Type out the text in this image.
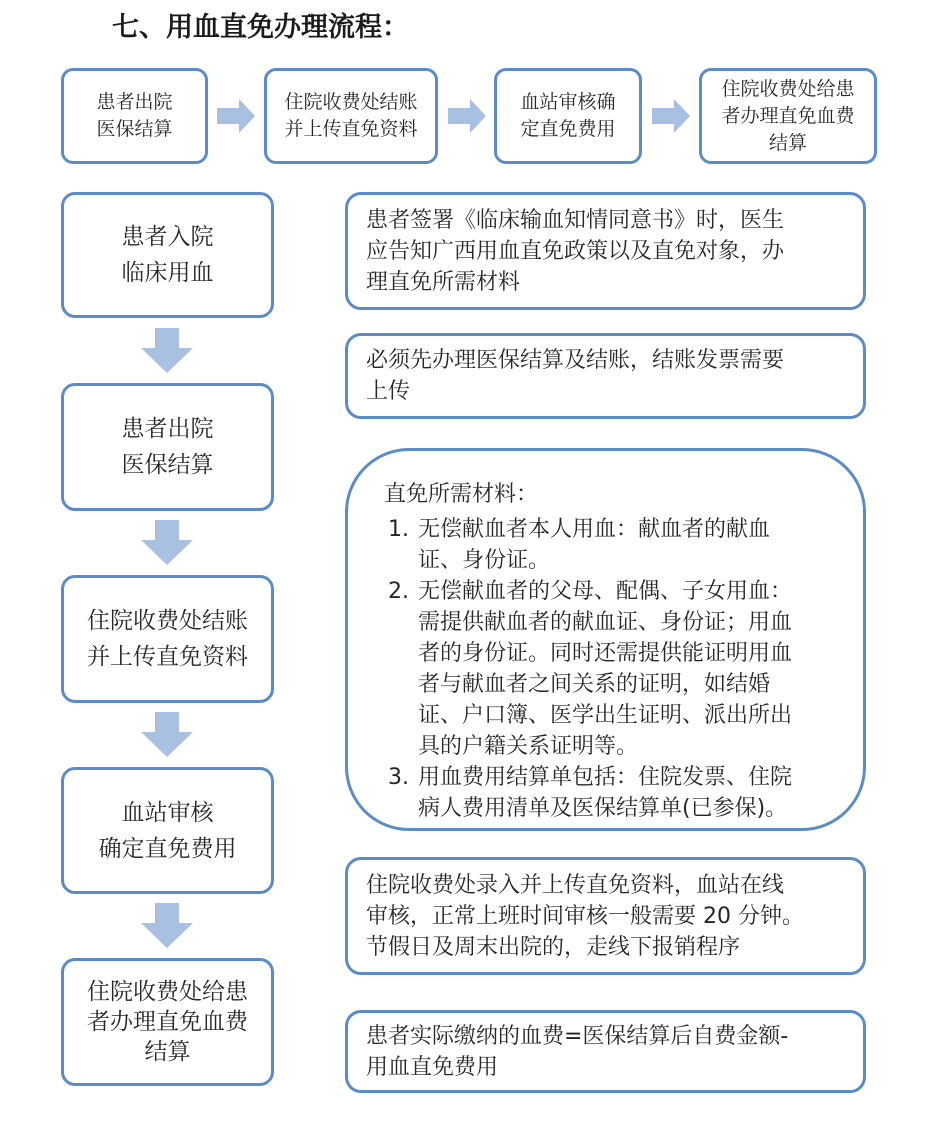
七、用血直免办理流程：
患者出院
医保结算
住院收费处结账
并上传直免资料
血站审核确
定直免费用
住院收费处给患
者办理直免血费
结算
患者入院
临床用血
患者出院
医保结算
住院收费处结账
并上传直免资料
血站审核
确定直免费用
住院收费处给患
者办理直免血费
结算
患者签署《临床输血知情同意书》时，医生
应告知广西用血直免政策以及直免对象，办
理直免所需材料
必须先办理医保结算及结账，结账发票需要
上传
直免所需材料：
1. 无偿献血者本人用血：献血者的献血
证、身份证。
2. 无偿献血者的父母、配偶、子女用血：
需提供献血者的献血证、身份证；用血
者的身份证。同时还需提供能证明用血
者与献血者之间关系的证明，如结婚
证、户口簿、医学出生证明、派出所出
具的户籍关系证明等。
3. 用血费用结算单包括：住院发票、住院
病人费用清单及医保结算单(已参保)。
住院收费处录入并上传直免资料，血站在线
审核，正常上班时间审核一般需要 20 分钟。
节假日及周末出院的，走线下报销程序
患者实际缴纳的血费=医保结算后自费金额-
用血直免费用
